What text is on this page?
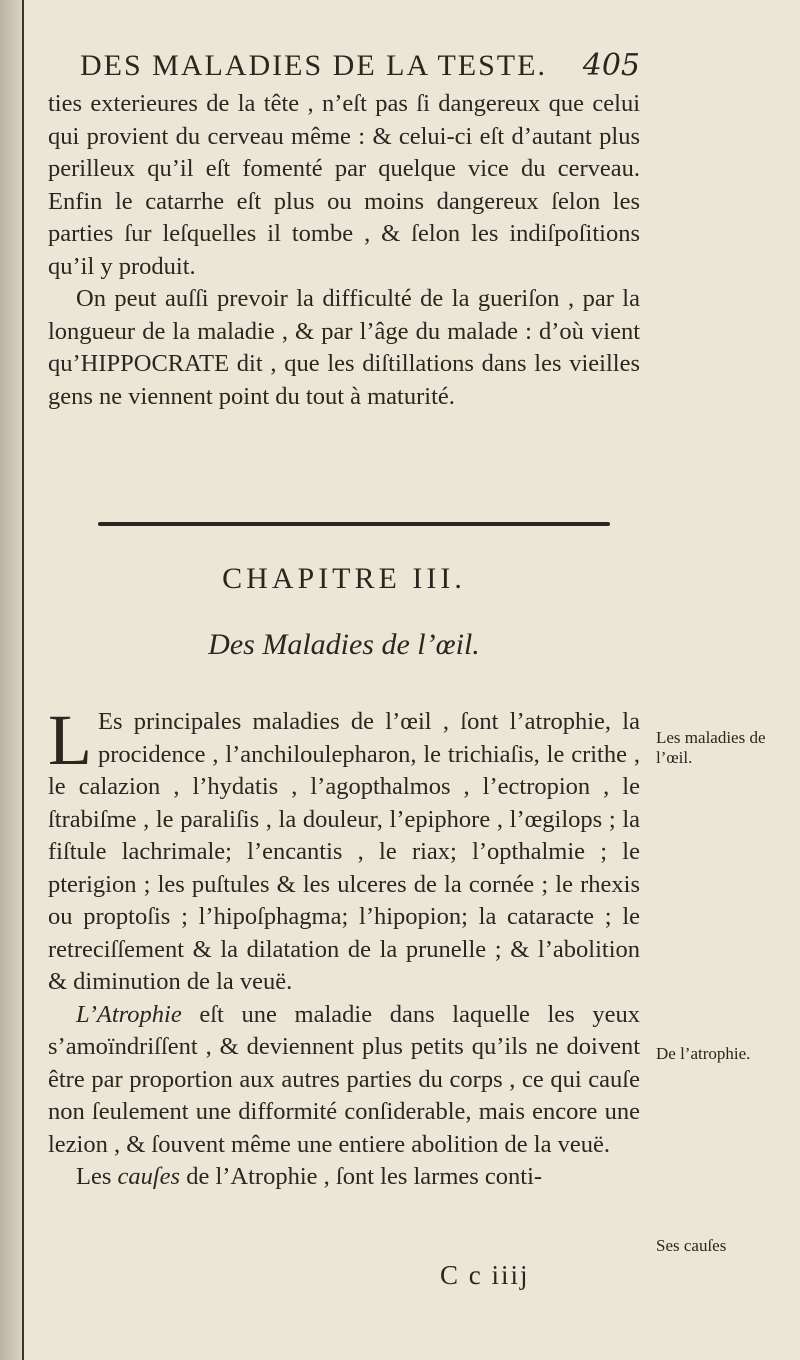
DES MALADIES DE LA TESTE. 405

ties exterieures de la tête , n’eſt pas ſi dangereux que celui qui provient du cerveau même : & celui-ci eſt d’autant plus perilleux qu’il eſt fomenté par quelque vice du cerveau. Enfin le catarrhe eſt plus ou moins dangereux ſelon les parties ſur leſquelles il tombe , & ſelon les indiſpoſitions qu’il y produit.

On peut auſſi prevoir la difficulté de la gueriſon , par la longueur de la maladie , & par l’âge du malade : d’où vient qu’HIPPOCRATE dit , que les diſtillations dans les vieilles gens ne viennent point du tout à maturité.

CHAPITRE III.
Des Maladies de l’œil.

L Es principales maladies de l’œil , ſont l’atrophie, la procidence , l’anchiloulepharon, le trichiaſis, le crithe , le calazion , l’hydatis , l’agopthalmos , l’ectropion , le ſtrabiſme , le paraliſis , la douleur, l’epiphore , l’œgilops ; la fiſtule lachrimale; l’encantis , le riax; l’opthalmie ; le pterigion ; les puſtules & les ulceres de la cornée ; le rhexis ou proptoſis ; l’hipoſphagma; l’hipopion; la cataracte ; le retreciſſement & la dilatation de la prunelle ; & l’abolition & diminution de la veuë.

L’Atrophie eſt une maladie dans laquelle les yeux s’amoïndriſſent , & deviennent plus petits qu’ils ne doivent être par proportion aux autres parties du corps , ce qui cauſe non ſeulement une difformité conſiderable, mais encore une lezion , & ſouvent même une entiere abolition de la veuë.

Les cauſes de l’Atrophie , ſont les larmes conti-

Les maladies de l’œil.
De l’atrophie.
Ses cauſes
C c iiij
